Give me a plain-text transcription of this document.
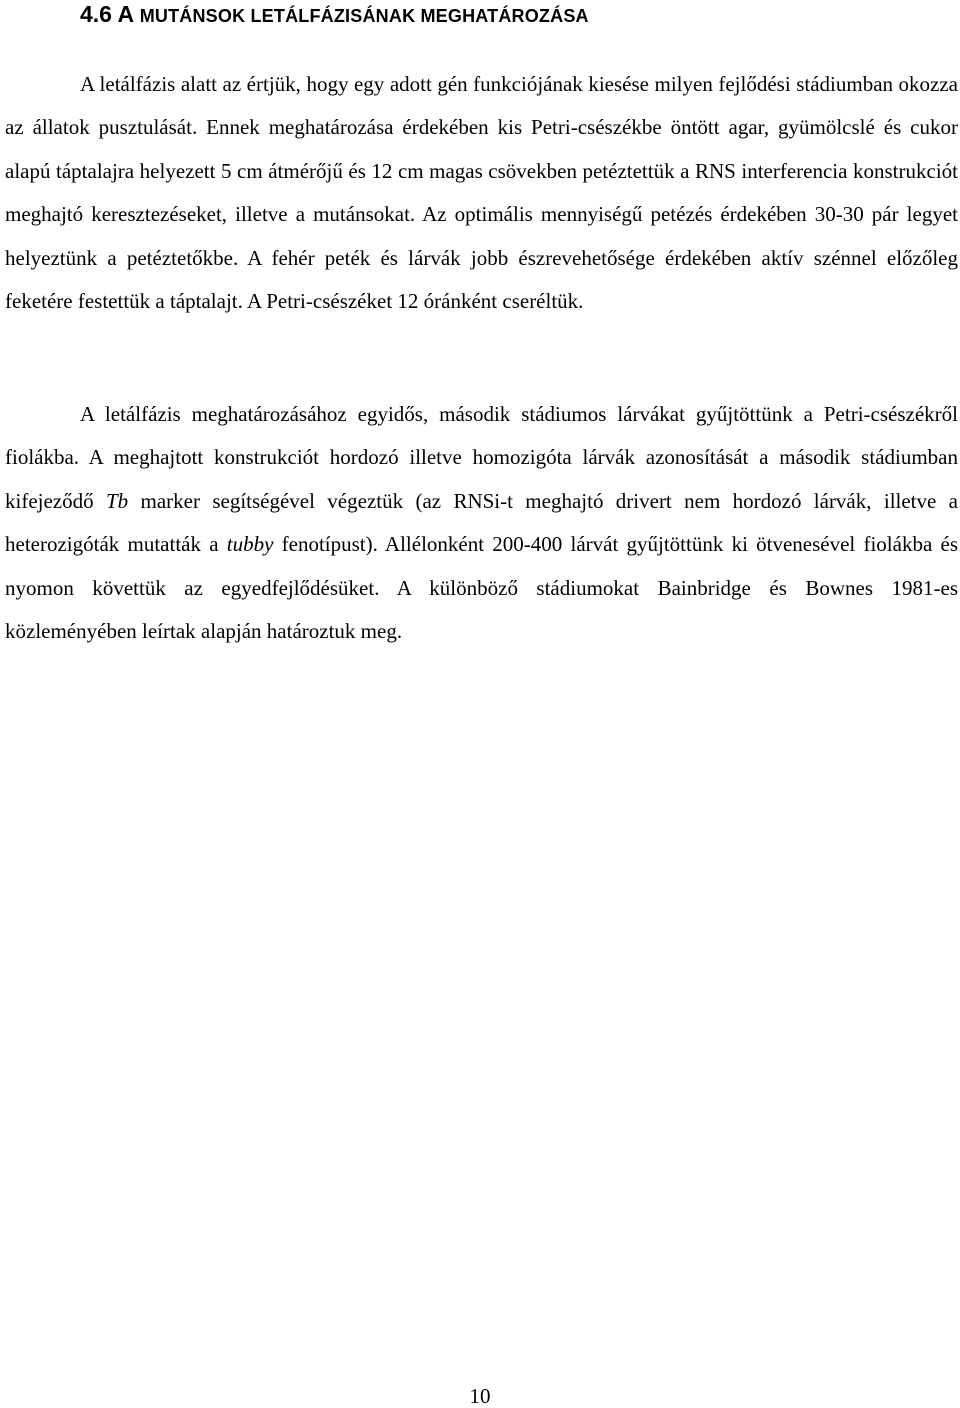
4.6 A MUTÁNSOK LETÁLFÁZISÁNAK MEGHATÁROZÁSA

A letálfázis alatt az értjük, hogy egy adott gén funkciójának kiesése milyen fejlődési stádiumban okozza az állatok pusztulását. Ennek meghatározása érdekében kis Petri-csészékbe öntött agar, gyümölcslé és cukor alapú táptalajra helyezett 5 cm átmérőjű és 12 cm magas csövekben petéztettük a RNS interferencia konstrukciót meghajtó keresztezéseket, illetve a mutánsokat. Az optimális mennyiségű petézés érdekében 30-30 pár legyet helyeztünk a petéztetőkbe. A fehér peték és lárvák jobb észrevehetősége érdekében aktív szénnel előzőleg feketére festettük a táptalajt. A Petri-csészéket 12 óránként cseréltük.

A letálfázis meghatározásához egyidős, második stádiumos lárvákat gyűjtöttünk a Petri-csészékről fiolákba. A meghajtott konstrukciót hordozó illetve homozigóta lárvák azonosítását a második stádiumban kifejeződő Tb marker segítségével végeztük (az RNSi-t meghajtó drivert nem hordozó lárvák, illetve a heterozigóták mutatták a tubby fenotípust). Allélonként 200-400 lárvát gyűjtöttünk ki ötvenesével fiolákba és nyomon követtük az egyedfejlődésüket. A különböző stádiumokat Bainbridge és Bownes 1981-es közleményében leírtak alapján határoztuk meg.

10
